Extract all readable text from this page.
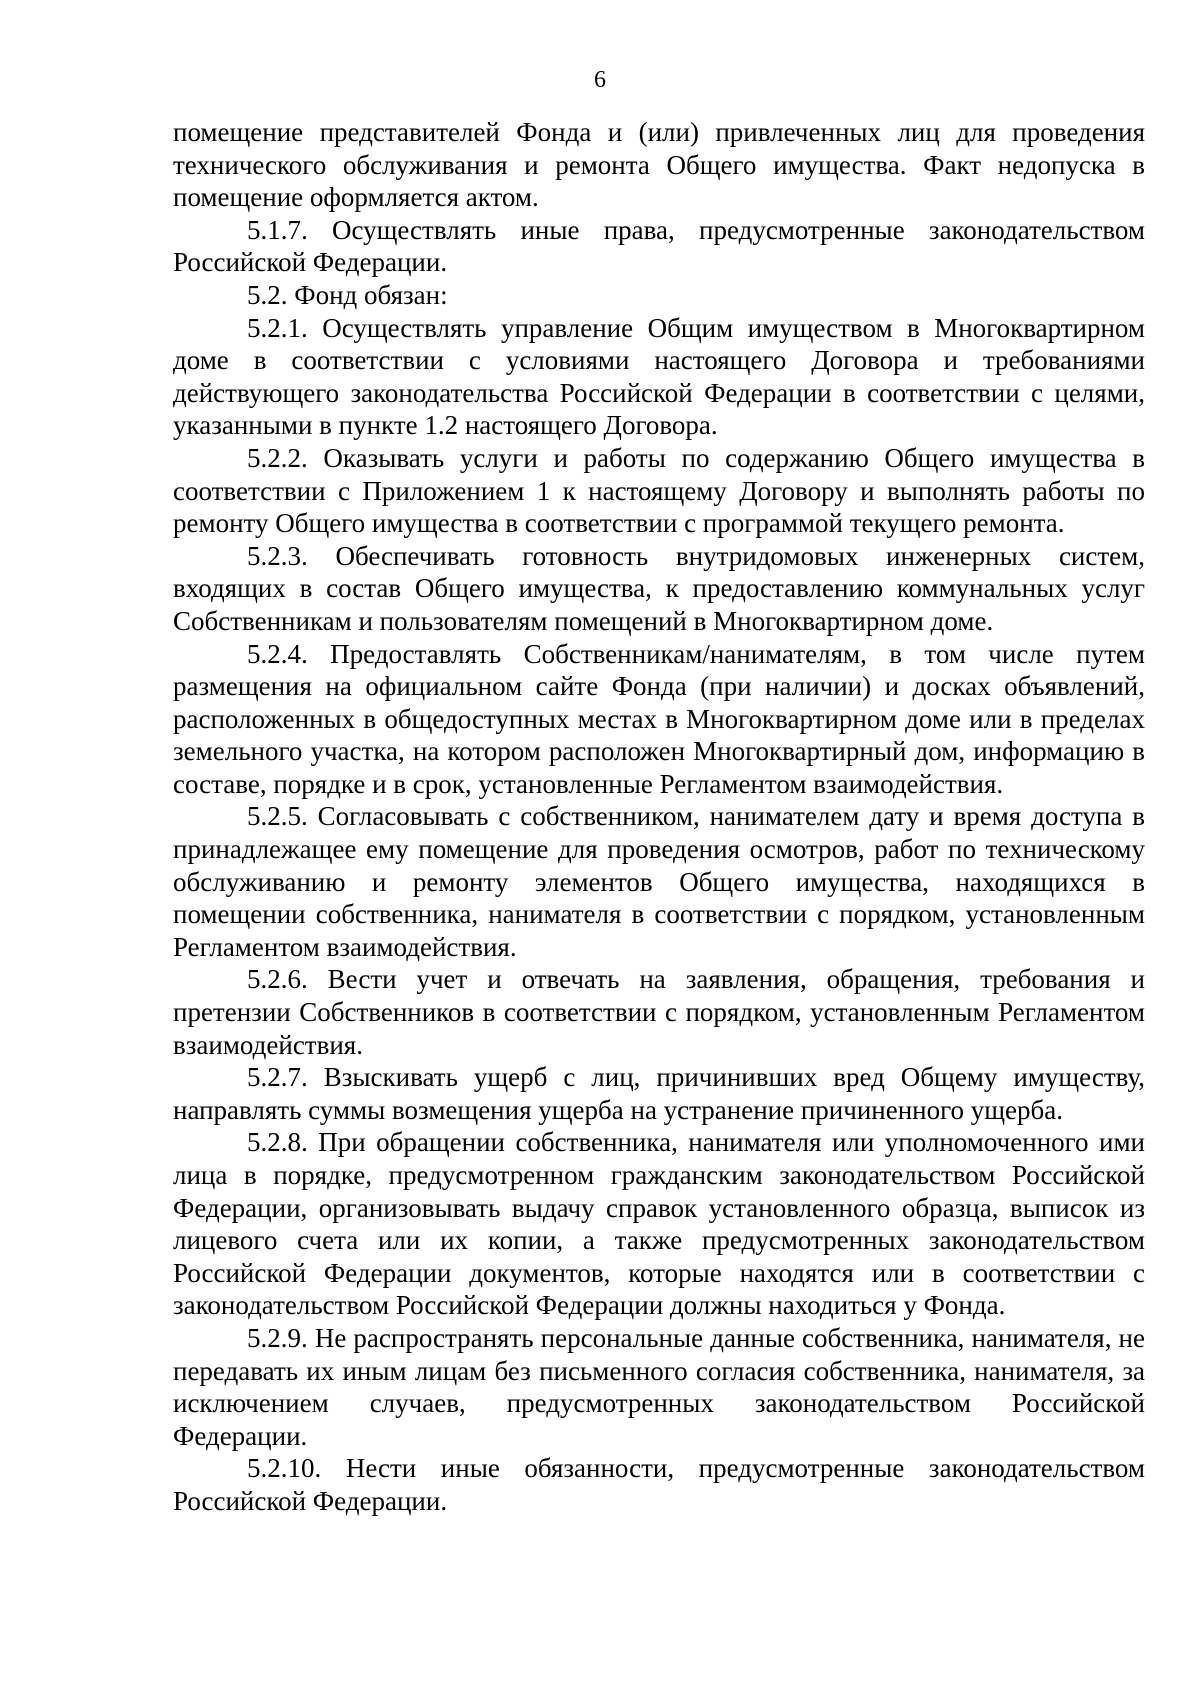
6

помещение представителей Фонда и (или) привлеченных лиц для проведения технического обслуживания и ремонта Общего имущества. Факт недопуска в помещение оформляется актом.

5.1.7. Осуществлять иные права, предусмотренные законодательством Российской Федерации.

5.2. Фонд обязан:

5.2.1. Осуществлять управление Общим имуществом в Многоквартирном доме в соответствии с условиями настоящего Договора и требованиями действующего законодательства Российской Федерации в соответствии с целями, указанными в пункте 1.2 настоящего Договора.

5.2.2. Оказывать услуги и работы по содержанию Общего имущества в соответствии с Приложением 1 к настоящему Договору и выполнять работы по ремонту Общего имущества в соответствии с программой текущего ремонта.

5.2.3. Обеспечивать готовность внутридомовых инженерных систем, входящих в состав Общего имущества, к предоставлению коммунальных услуг Собственникам и пользователям помещений в Многоквартирном доме.

5.2.4. Предоставлять Собственникам/нанимателям, в том числе путем размещения на официальном сайте Фонда (при наличии) и досках объявлений, расположенных в общедоступных местах в Многоквартирном доме или в пределах земельного участка, на котором расположен Многоквартирный дом, информацию в составе, порядке и в срок, установленные Регламентом взаимодействия.

5.2.5. Согласовывать с собственником, нанимателем дату и время доступа в принадлежащее ему помещение для проведения осмотров, работ по техническому обслуживанию и ремонту элементов Общего имущества, находящихся в помещении собственника, нанимателя в соответствии с порядком, установленным Регламентом взаимодействия.

5.2.6. Вести учет и отвечать на заявления, обращения, требования и претензии Собственников в соответствии с порядком, установленным Регламентом взаимодействия.

5.2.7. Взыскивать ущерб с лиц, причинивших вред Общему имуществу, направлять суммы возмещения ущерба на устранение причиненного ущерба.

5.2.8. При обращении собственника, нанимателя или уполномоченного ими лица в порядке, предусмотренном гражданским законодательством Российской Федерации, организовывать выдачу справок установленного образца, выписок из лицевого счета или их копии, а также предусмотренных законодательством Российской Федерации документов, которые находятся или в соответствии с законодательством Российской Федерации должны находиться у Фонда.

5.2.9. Не распространять персональные данные собственника, нанимателя, не передавать их иным лицам без письменного согласия собственника, нанимателя, за исключением случаев, предусмотренных законодательством Российской Федерации.

5.2.10. Нести иные обязанности, предусмотренные законодательством Российской Федерации.
